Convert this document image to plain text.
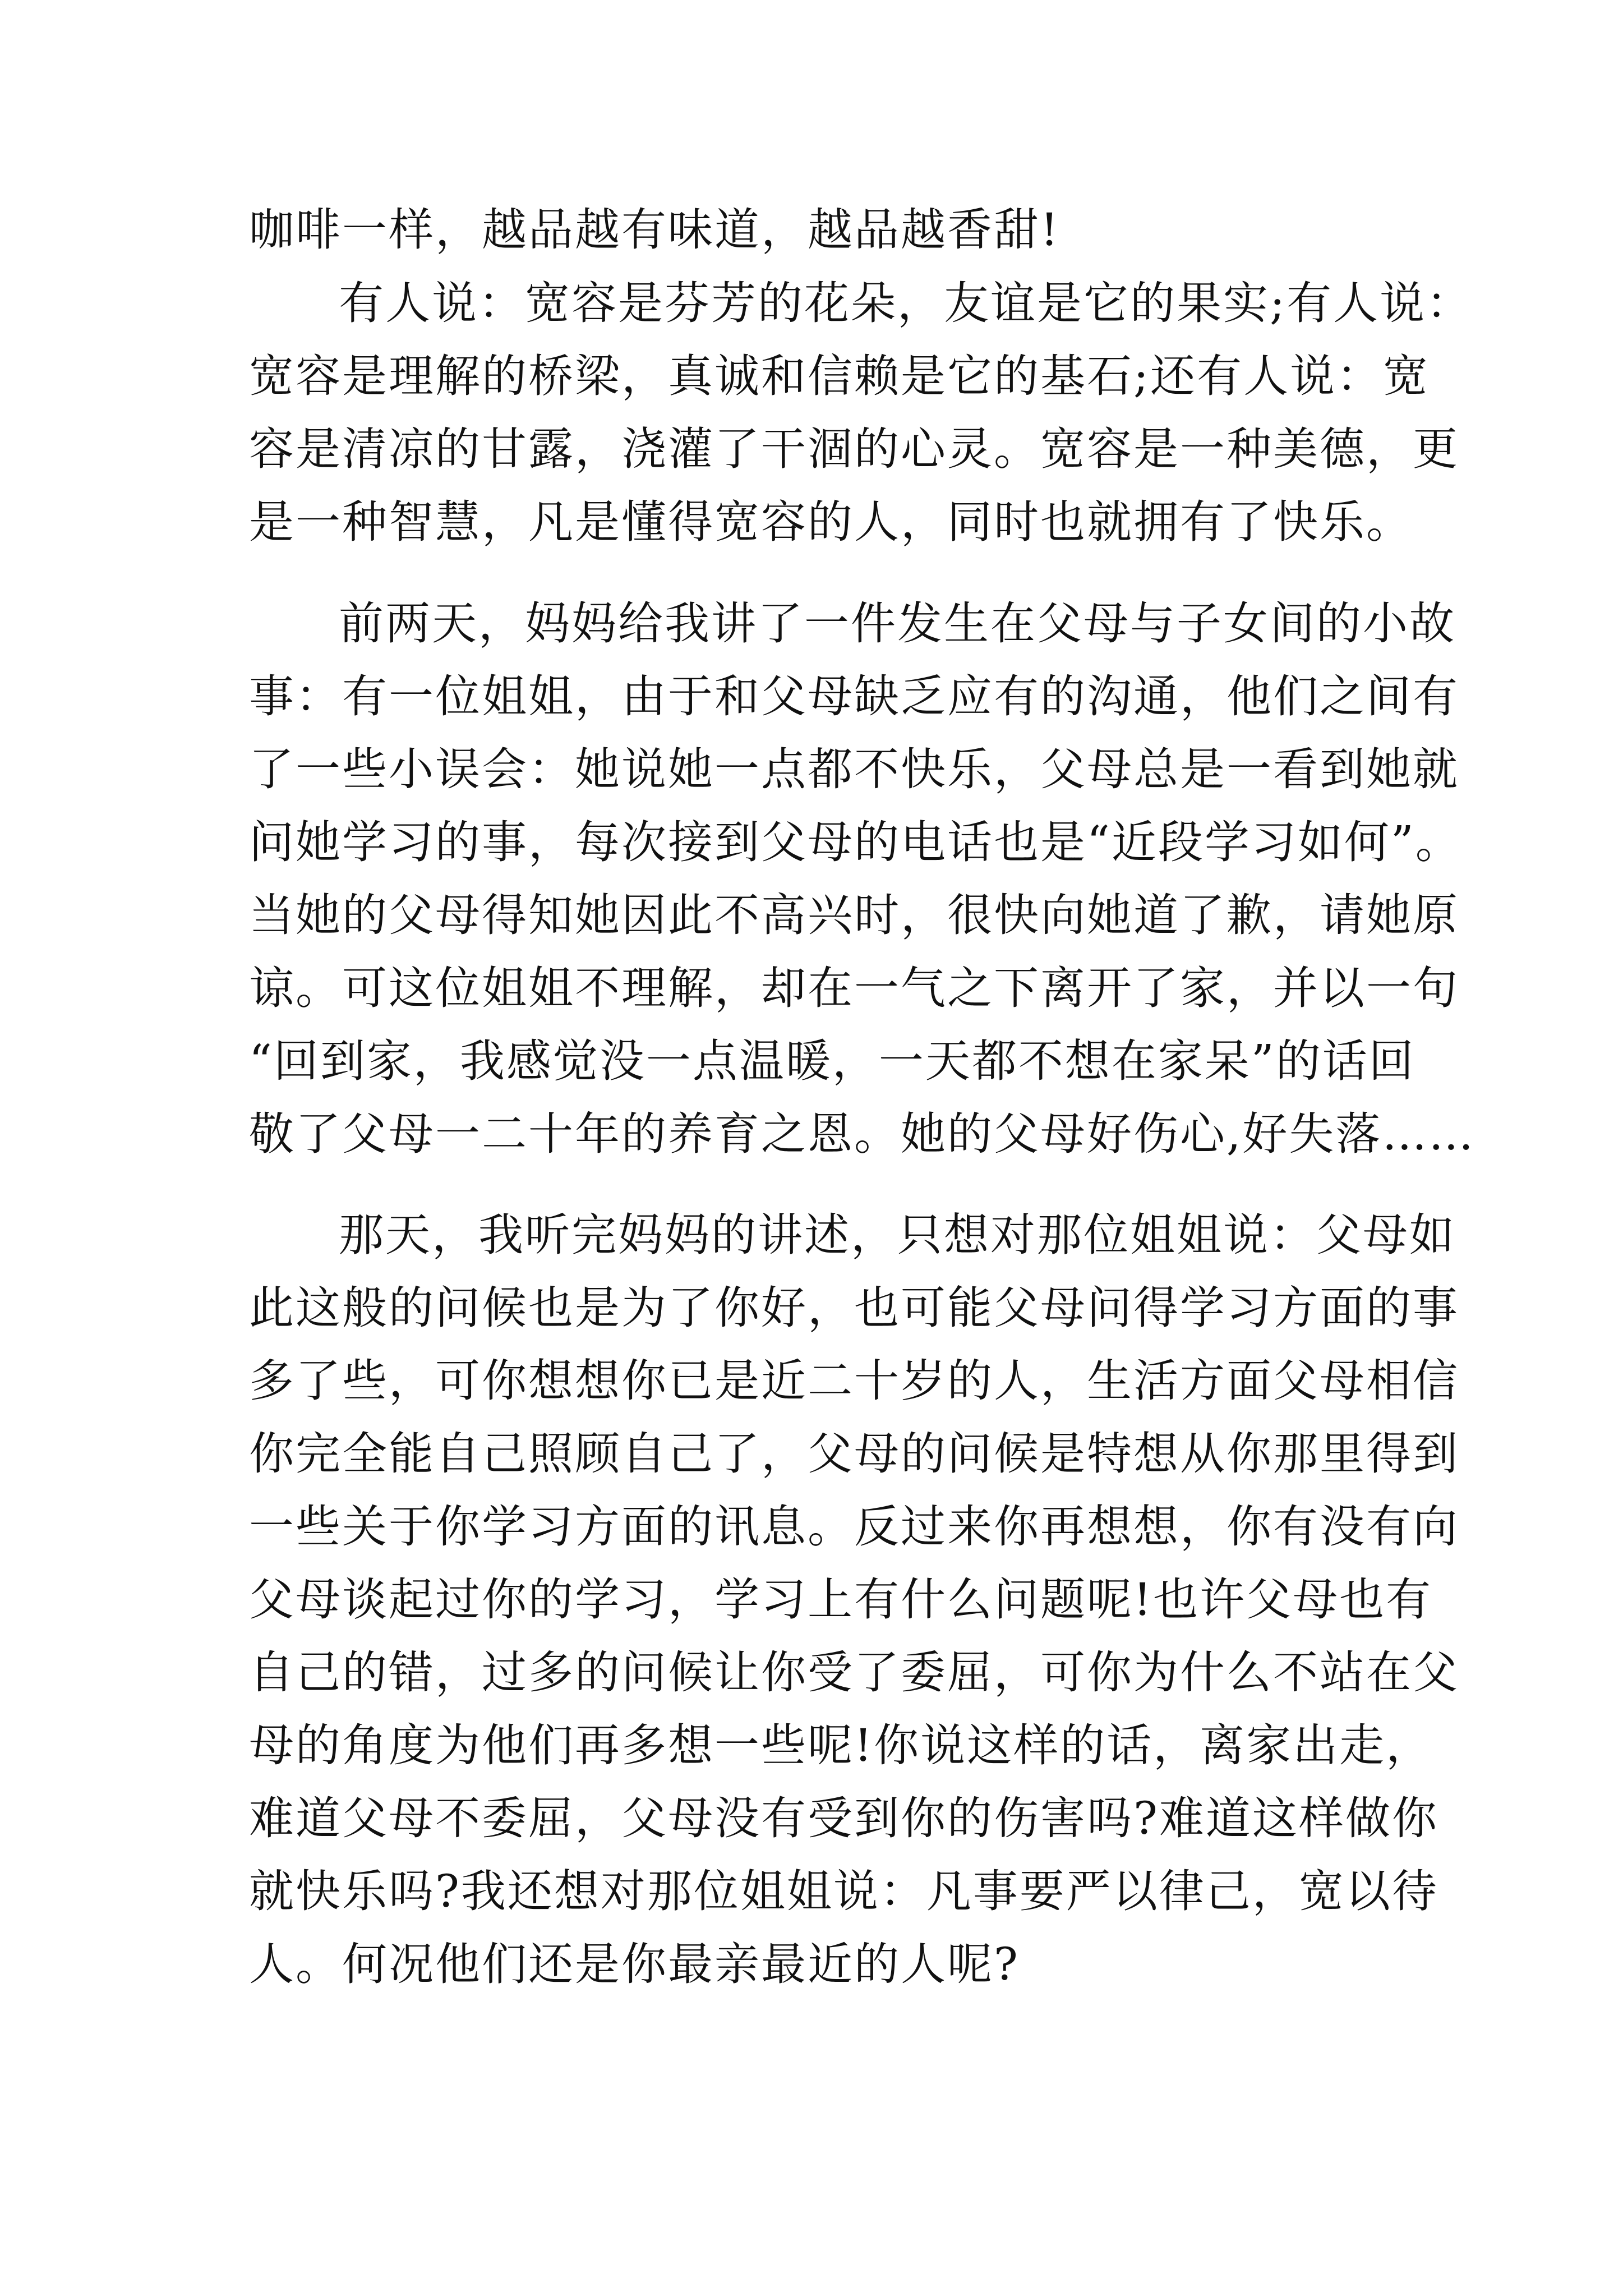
咖啡一样，越品越有味道，越品越香甜!
有人说：宽容是芬芳的花朵，友谊是它的果实;有人说：
宽容是理解的桥梁，真诚和信赖是它的基石;还有人说：宽
容是清凉的甘露，浇灌了干涸的心灵。宽容是一种美德，更
是一种智慧，凡是懂得宽容的人，同时也就拥有了快乐。
前两天，妈妈给我讲了一件发生在父母与子女间的小故
事：有一位姐姐，由于和父母缺乏应有的沟通，他们之间有
了一些小误会：她说她一点都不快乐，父母总是一看到她就
问她学习的事，每次接到父母的电话也是“近段学习如何”。
当她的父母得知她因此不高兴时，很快向她道了歉，请她原
谅。可这位姐姐不理解，却在一气之下离开了家，并以一句
“回到家，我感觉没一点温暖，一天都不想在家呆”的话回
敬了父母一二十年的养育之恩。她的父母好伤心,好失落……
那天，我听完妈妈的讲述，只想对那位姐姐说：父母如
此这般的问候也是为了你好，也可能父母问得学习方面的事
多了些，可你想想你已是近二十岁的人，生活方面父母相信
你完全能自己照顾自己了，父母的问候是特想从你那里得到
一些关于你学习方面的讯息。反过来你再想想，你有没有向
父母谈起过你的学习，学习上有什么问题呢!也许父母也有
自己的错，过多的问候让你受了委屈，可你为什么不站在父
母的角度为他们再多想一些呢!你说这样的话，离家出走，
难道父母不委屈，父母没有受到你的伤害吗?难道这样做你
就快乐吗?我还想对那位姐姐说：凡事要严以律己，宽以待
人。何况他们还是你最亲最近的人呢?
